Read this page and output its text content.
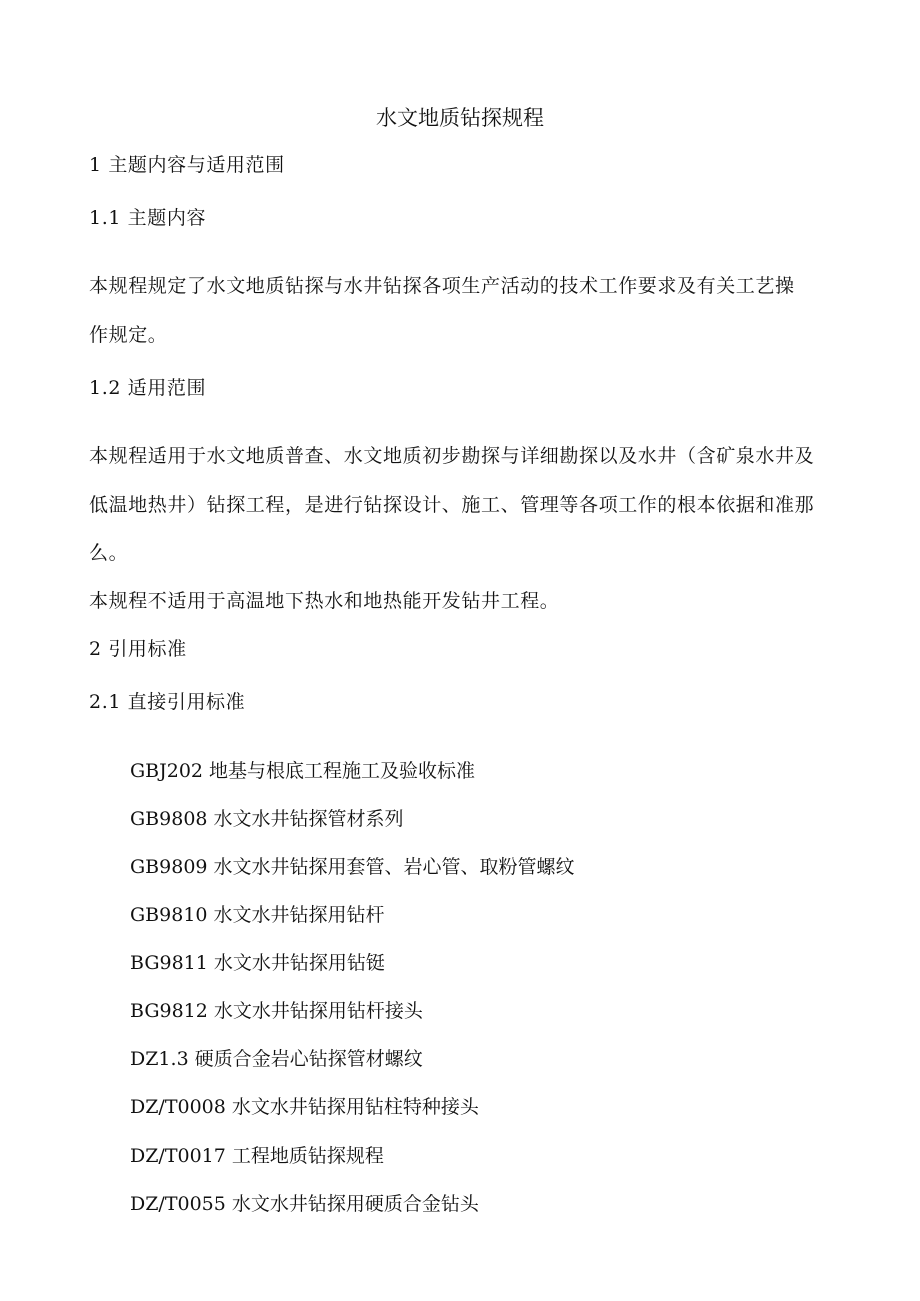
水文地质钻探规程
1 主题内容与适用范围
1.1 主题内容
本规程规定了水文地质钻探与水井钻探各项生产活动的技术工作要求及有关工艺操
作规定。
1.2 适用范围
本规程适用于水文地质普查、水文地质初步勘探与详细勘探以及水井（含矿泉水井及
低温地热井）钻探工程，是进行钻探设计、施工、管理等各项工作的根本依据和准那
么。
本规程不适用于高温地下热水和地热能开发钻井工程。
2 引用标准
2.1 直接引用标准
GBJ202 地基与根底工程施工及验收标准
GB9808 水文水井钻探管材系列
GB9809 水文水井钻探用套管、岩心管、取粉管螺纹
GB9810 水文水井钻探用钻杆
BG9811 水文水井钻探用钻铤
BG9812 水文水井钻探用钻杆接头
DZ1.3 硬质合金岩心钻探管材螺纹
DZ/T0008 水文水井钻探用钻柱特种接头
DZ/T0017 工程地质钻探规程
DZ/T0055 水文水井钻探用硬质合金钻头
